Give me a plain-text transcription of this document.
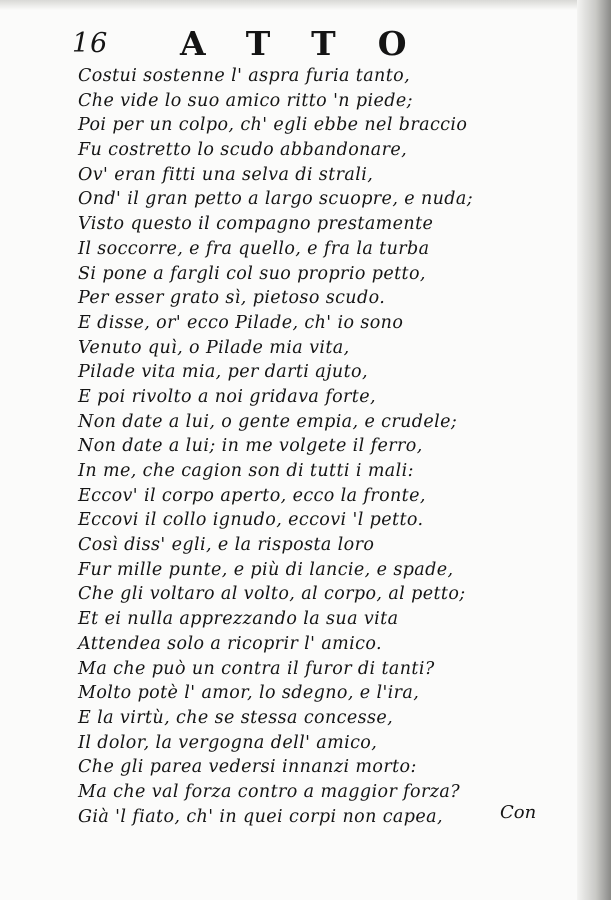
16 ATTO
Costui sostenne l' aspra furia tanto,
Che vide lo suo amico ritto 'n piede;
Poi per un colpo, ch' egli ebbe nel braccio
Fu costretto lo scudo abbandonare,
Ov' eran fitti una selva di strali,
Ond' il gran petto a largo scuopre, e nuda;
Visto questo il compagno prestamente
Il soccorre, e fra quello, e fra la turba
Si pone a fargli col suo proprio petto,
Per esser grato sì, pietoso scudo.
E disse, or' ecco Pilade, ch' io sono
Venuto quì, o Pilade mia vita,
Pilade vita mia, per darti ajuto,
E poi rivolto a noi gridava forte,
Non date a lui, o gente empia, e crudele;
Non date a lui; in me volgete il ferro,
In me, che cagion son di tutti i mali:
Eccov' il corpo aperto, ecco la fronte,
Eccovi il collo ignudo, eccovi 'l petto.
Così diss' egli, e la risposta loro
Fur mille punte, e più di lancie, e spade,
Che gli voltaro al volto, al corpo, al petto;
Et ei nulla apprezzando la sua vita
Attendea solo a ricoprir l' amico.
Ma che può un contra il furor di tanti?
Molto potè l' amor, lo sdegno, e l'ira,
E la virtù, che se stessa concesse,
Il dolor, la vergogna dell' amico,
Che gli parea vedersi innanzi morto:
Ma che val forza contro a maggior forza?
Già 'l fiato, ch' in quei corpi non capea,	Con
